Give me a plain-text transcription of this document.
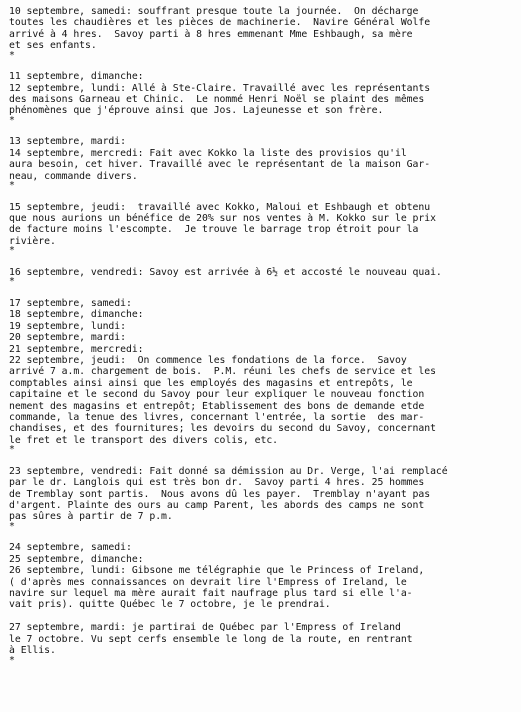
10 septembre, samedi: souffrant presque toute la journée.  On décharge
toutes les chaudières et les pièces de machinerie.  Navire Général Wolfe
arrivé à 4 hres.  Savoy parti à 8 hres emmenant Mme Eshbaugh, sa mère
et ses enfants.
*
11 septembre, dimanche:
12 septembre, lundi: Allé à Ste-Claire. Travaillé avec les représentants
des maisons Garneau et Chinic.  Le nommé Henri Noël se plaint des mêmes
phénomènes que j'éprouve ainsi que Jos. Lajeunesse et son frère.
*
13 septembre, mardi:
14 septembre, mercredi: Fait avec Kokko la liste des provisios qu'il
aura besoin, cet hiver. Travaillé avec le représentant de la maison Gar-
neau, commande divers.
*
15 septembre, jeudi:  travaillé avec Kokko, Maloui et Eshbaugh et obtenu
que nous aurions un bénéfice de 20% sur nos ventes à M. Kokko sur le prix
de facture moins l'escompte.  Je trouve le barrage trop étroit pour la
rivière.
*
16 septembre, vendredi: Savoy est arrivée à 6½ et accosté le nouveau quai.
*
17 septembre, samedi:
18 septembre, dimanche:
19 septembre, lundi:
20 septembre, mardi:
21 septembre, mercredi:
22 septembre, jeudi:  On commence les fondations de la force.  Savoy
arrivé 7 a.m. chargement de bois.  P.M. réuni les chefs de service et les
comptables ainsi ainsi que les employés des magasins et entrepôts, le
capitaine et le second du Savoy pour leur expliquer le nouveau fonction
nement des magasins et entrepôt; Établissement des bons de demande etde
commande, la tenue des livres, concernant l'entrée, la sortie  des mar-
chandises, et des fournitures; les devoirs du second du Savoy, concernant
le fret et le transport des divers colis, etc.
*
23 septembre, vendredi: Fait donné sa démission au Dr. Verge, l'ai remplacé
par le dr. Langlois qui est très bon dr.  Savoy parti 4 hres. 25 hommes
de Tremblay sont partis.  Nous avons dû les payer.  Tremblay n'ayant pas
d'argent. Plainte des ours au camp Parent, les abords des camps ne sont
pas sûres à partir de 7 p.m.
*
24 septembre, samedi:
25 septembre, dimanche:
26 septembre, lundi: Gibsone me télégraphie que le Princess of Ireland,
( d'après mes connaissances on devrait lire l'Empress of Ireland, le
navire sur lequel ma mère aurait fait naufrage plus tard si elle l'a-
vait pris). quitte Québec le 7 octobre, je le prendrai.
27 septembre, mardi: je partirai de Québec par l'Empress of Ireland
le 7 octobre. Vu sept cerfs ensemble le long de la route, en rentrant
à Ellis.
*
